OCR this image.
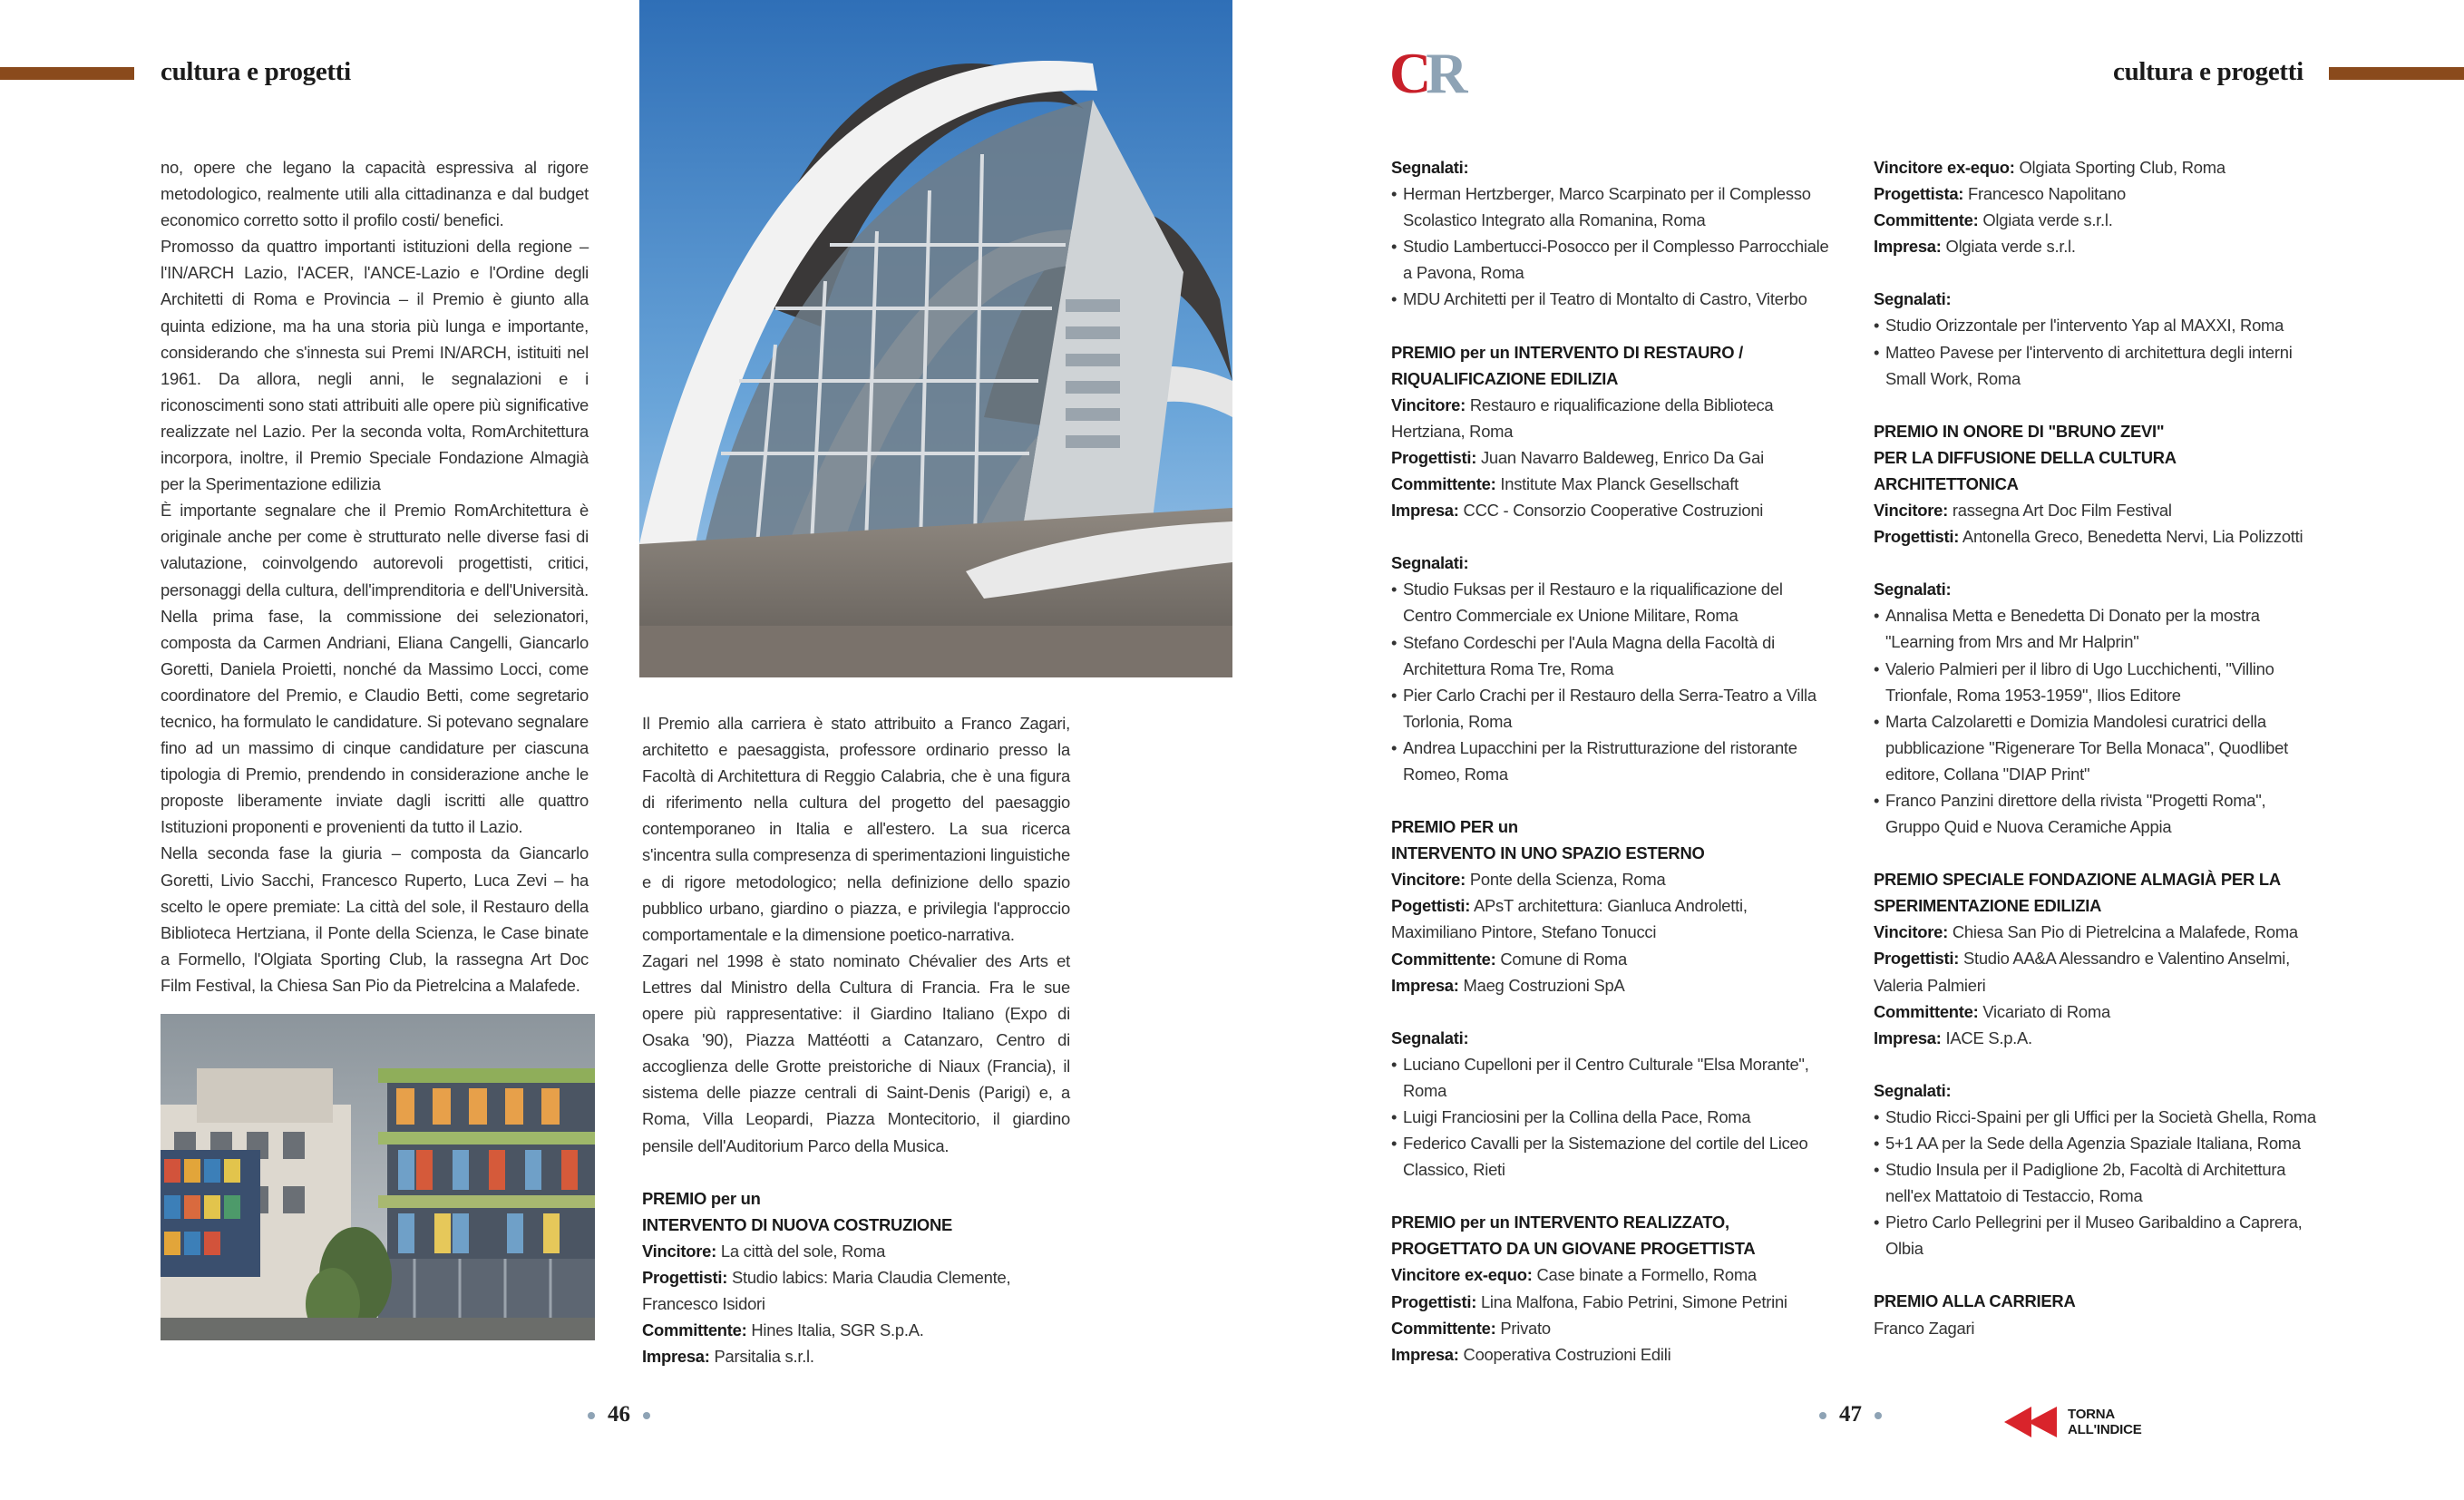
cultura e progetti	CR	cultura e progetti

no, opere che legano la capacità espressiva al rigore metodologico, realmente utili alla cittadinanza e dal budget economico corretto sotto il profilo costi/ benefici.

Promosso da quattro importanti istituzioni della regione – l'IN/ARCH Lazio, l'ACER, l'ANCE-Lazio e l'Ordine degli Architetti di Roma e Provincia – il Premio è giunto alla quinta edizione, ma ha una storia più lunga e importante, considerando che s'innesta sui Premi IN/ARCH, istituiti nel 1961. Da allora, negli anni, le segnalazioni e i riconoscimenti sono stati attribuiti alle opere più significative realizzate nel Lazio. Per la seconda volta, RomArchitettura incorpora, inoltre, il Premio Speciale Fondazione Almagià per la Sperimentazione edilizia

È importante segnalare che il Premio RomArchitettura è originale anche per come è strutturato nelle diverse fasi di valutazione, coinvolgendo autorevoli progettisti, critici, personaggi della cultura, dell'imprenditoria e dell'Università. Nella prima fase, la commissione dei selezionatori, composta da Carmen Andriani, Eliana Cangelli, Giancarlo Goretti, Daniela Proietti, nonché da Massimo Locci, come coordinatore del Premio, e Claudio Betti, come segretario tecnico, ha formulato le candidature. Si potevano segnalare fino ad un massimo di cinque candidature per ciascuna tipologia di Premio, prendendo in considerazione anche le proposte liberamente inviate dagli iscritti alle quattro Istituzioni proponenti e provenienti da tutto il Lazio.

Nella seconda fase la giuria – composta da Giancarlo Goretti, Livio Sacchi, Francesco Ruperto, Luca Zevi – ha scelto le opere premiate: La città del sole, il Restauro della Biblioteca Hertziana, il Ponte della Scienza, le Case binate a Formello, l'Olgiata Sporting Club, la rassegna Art Doc Film Festival, la Chiesa San Pio da Pietrelcina a Malafede.

Il Premio alla carriera è stato attribuito a Franco Zagari, architetto e paesaggista, professore ordinario presso la Facoltà di Architettura di Reggio Calabria, che è una figura di riferimento nella cultura del progetto del paesaggio contemporaneo in Italia e all'estero. La sua ricerca s'incentra sulla compresenza di sperimentazioni linguistiche e di rigore metodologico; nella definizione dello spazio pubblico urbano, giardino o piazza, e privilegia l'approccio comportamentale e la dimensione poetico-narrativa.

Zagari nel 1998 è stato nominato Chévalier des Arts et Lettres dal Ministro della Cultura di Francia. Fra le sue opere più rappresentative: il Giardino Italiano (Expo di Osaka '90), Piazza Mattéotti a Catanzaro, Centro di accoglienza delle Grotte preistoriche di Niaux (Francia), il sistema delle piazze centrali di Saint-Denis (Parigi) e, a Roma, Villa Leopardi, Piazza Montecitorio, il giardino pensile dell'Auditorium Parco della Musica.

PREMIO per un
INTERVENTO DI NUOVA COSTRUZIONE
Vincitore: La città del sole, Roma
Progettisti: Studio labics: Maria Claudia Clemente, Francesco Isidori
Committente: Hines Italia, SGR S.p.A.
Impresa: Parsitalia s.r.l.
46
Segnalati:
• Herman Hertzberger, Marco Scarpinato per il Complesso Scolastico Integrato alla Romanina, Roma
• Studio Lambertucci-Posocco per il Complesso Parrocchiale a Pavona, Roma
• MDU Architetti per il Teatro di Montalto di Castro, Viterbo
PREMIO per un INTERVENTO DI RESTAURO /
RIQUALIFICAZIONE EDILIZIA
Vincitore: Restauro e riqualificazione della Biblioteca Hertziana, Roma
Progettisti: Juan Navarro Baldeweg, Enrico Da Gai
Committente: Institute Max Planck Gesellschaft
Impresa: CCC - Consorzio Cooperative Costruzioni
Segnalati:
• Studio Fuksas per il Restauro e la riqualificazione del Centro Commerciale ex Unione Militare, Roma
• Stefano Cordeschi per l'Aula Magna della Facoltà di Architettura Roma Tre, Roma
• Pier Carlo Crachi per il Restauro della Serra-Teatro a Villa Torlonia, Roma
• Andrea Lupacchini per la Ristrutturazione del ristorante Romeo, Roma
PREMIO PER un
INTERVENTO IN UNO SPAZIO ESTERNO
Vincitore: Ponte della Scienza, Roma
Pogettisti: APsT architettura: Gianluca Androletti, Maximiliano Pintore, Stefano Tonucci
Committente: Comune di Roma
Impresa: Maeg Costruzioni SpA
Segnalati:
• Luciano Cupelloni per il Centro Culturale "Elsa Morante", Roma
• Luigi Franciosini per la Collina della Pace, Roma
• Federico Cavalli per la Sistemazione del cortile del Liceo Classico, Rieti
PREMIO per un INTERVENTO REALIZZATO,
PROGETTATO DA UN GIOVANE PROGETTISTA
Vincitore ex-equo: Case binate a Formello, Roma
Progettisti: Lina Malfona, Fabio Petrini, Simone Petrini
Committente: Privato
Impresa: Cooperativa Costruzioni Edili
Vincitore ex-equo: Olgiata Sporting Club, Roma
Progettista: Francesco Napolitano
Committente: Olgiata verde s.r.l.
Impresa: Olgiata verde s.r.l.
Segnalati:
• Studio Orizzontale per l'intervento Yap al MAXXI, Roma
• Matteo Pavese per l'intervento di architettura degli interni Small Work, Roma
PREMIO IN ONORE DI "BRUNO ZEVI"
PER LA DIFFUSIONE DELLA CULTURA ARCHITETTONICA
Vincitore: rassegna Art Doc Film Festival
Progettisti: Antonella Greco, Benedetta Nervi, Lia Polizzotti
Segnalati:
• Annalisa Metta e Benedetta Di Donato per la mostra "Learning from Mrs and Mr Halprin"
• Valerio Palmieri per il libro di Ugo Lucchichenti, "Villino Trionfale, Roma 1953-1959", Ilios Editore
• Marta Calzolaretti e Domizia Mandolesi curatrici della pubblicazione "Rigenerare Tor Bella Monaca", Quodlibet editore, Collana "DIAP Print"
• Franco Panzini direttore della rivista "Progetti Roma", Gruppo Quid e Nuova Ceramiche Appia
PREMIO SPECIALE FONDAZIONE ALMAGIÀ PER LA
SPERIMENTAZIONE EDILIZIA
Vincitore: Chiesa San Pio di Pietrelcina a Malafede, Roma
Progettisti: Studio AA&A Alessandro e Valentino Anselmi, Valeria Palmieri
Committente: Vicariato di Roma
Impresa: IACE S.p.A.
Segnalati:
• Studio Ricci-Spaini per gli Uffici per la Società Ghella, Roma
• 5+1 AA per la Sede della Agenzia Spaziale Italiana, Roma
• Studio Insula per il Padiglione 2b, Facoltà di Architettura nell'ex Mattatoio di Testaccio, Roma
• Pietro Carlo Pellegrini per il Museo Garibaldino a Caprera, Olbia
PREMIO ALLA CARRIERA
Franco Zagari
47	TORNA
ALL'INDICE
